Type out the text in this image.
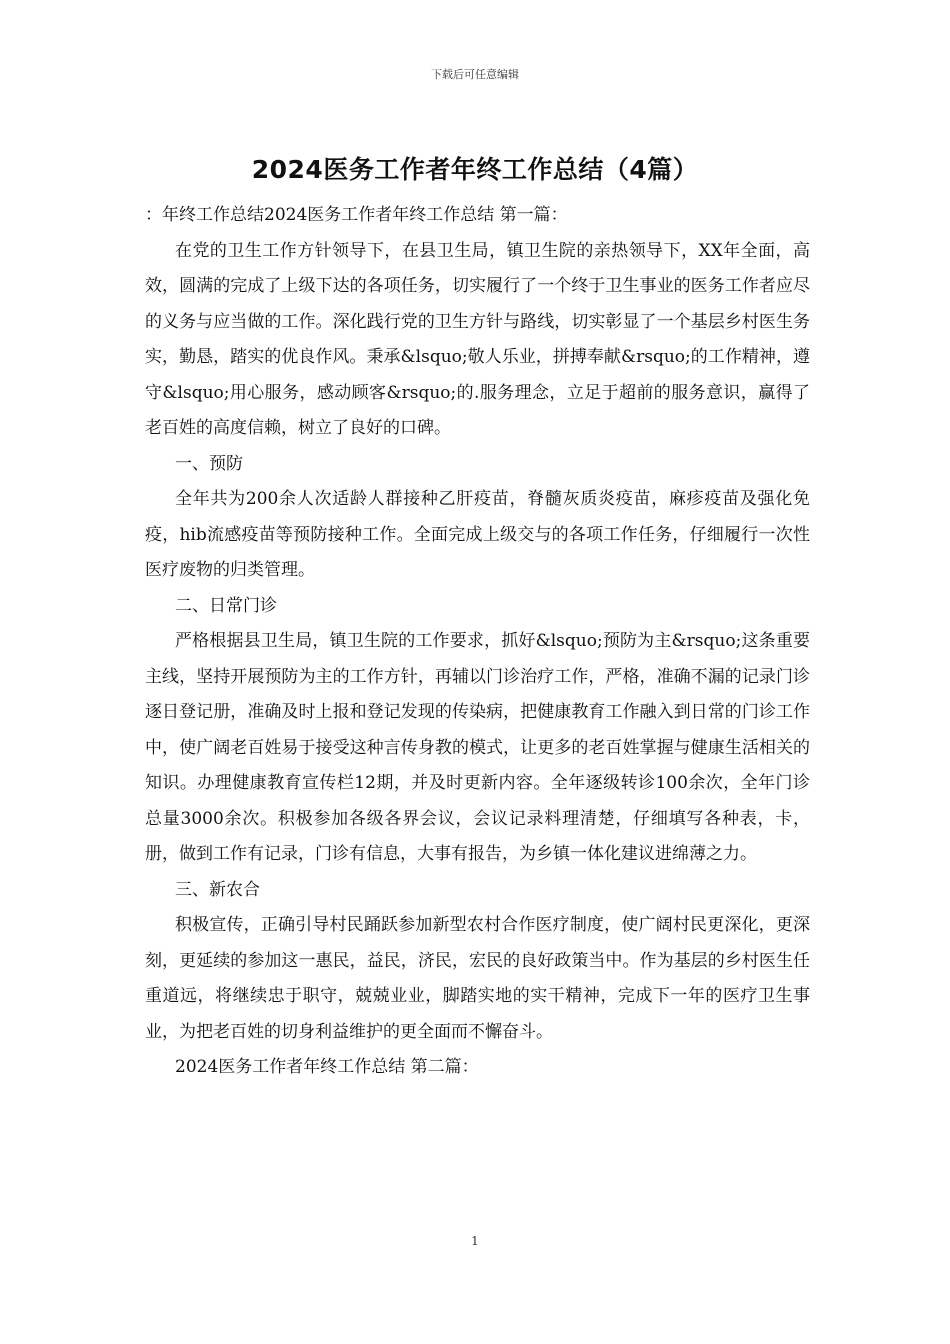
下载后可任意编辑
2024医务工作者年终工作总结（4篇）

：年终工作总结2024医务工作者年终工作总结 第一篇：

在党的卫生工作方针领导下，在县卫生局，镇卫生院的亲热领导下，XX年全面，高效，圆满的完成了上级下达的各项任务，切实履行了一个终于卫生事业的医务工作者应尽的义务与应当做的工作。深化践行党的卫生方针与路线，切实彰显了一个基层乡村医生务实，勤恳，踏实的优良作风。秉承&lsquo;敬人乐业，拼搏奉献&rsquo;的工作精神，遵守&lsquo;用心服务，感动顾客&rsquo;的.服务理念，立足于超前的服务意识，赢得了老百姓的高度信赖，树立了良好的口碑。

一、预防

全年共为200余人次适龄人群接种乙肝疫苗，脊髓灰质炎疫苗，麻疹疫苗及强化免疫，hib流感疫苗等预防接种工作。全面完成上级交与的各项工作任务，仔细履行一次性医疗废物的归类管理。

二、日常门诊

严格根据县卫生局，镇卫生院的工作要求，抓好&lsquo;预防为主&rsquo;这条重要主线，坚持开展预防为主的工作方针，再辅以门诊治疗工作，严格，准确不漏的记录门诊逐日登记册，准确及时上报和登记发现的传染病，把健康教育工作融入到日常的门诊工作中，使广阔老百姓易于接受这种言传身教的模式，让更多的老百姓掌握与健康生活相关的知识。办理健康教育宣传栏12期，并及时更新内容。全年逐级转诊100余次，全年门诊总量3000余次。积极参加各级各界会议，会议记录料理清楚，仔细填写各种表，卡，册，做到工作有记录，门诊有信息，大事有报告，为乡镇一体化建议进绵薄之力。

三、新农合

积极宣传，正确引导村民踊跃参加新型农村合作医疗制度，使广阔村民更深化，更深刻，更延续的参加这一惠民，益民，济民，宏民的良好政策当中。作为基层的乡村医生任重道远，将继续忠于职守，兢兢业业，脚踏实地的实干精神，完成下一年的医疗卫生事业，为把老百姓的切身利益维护的更全面而不懈奋斗。

2024医务工作者年终工作总结 第二篇：

1
